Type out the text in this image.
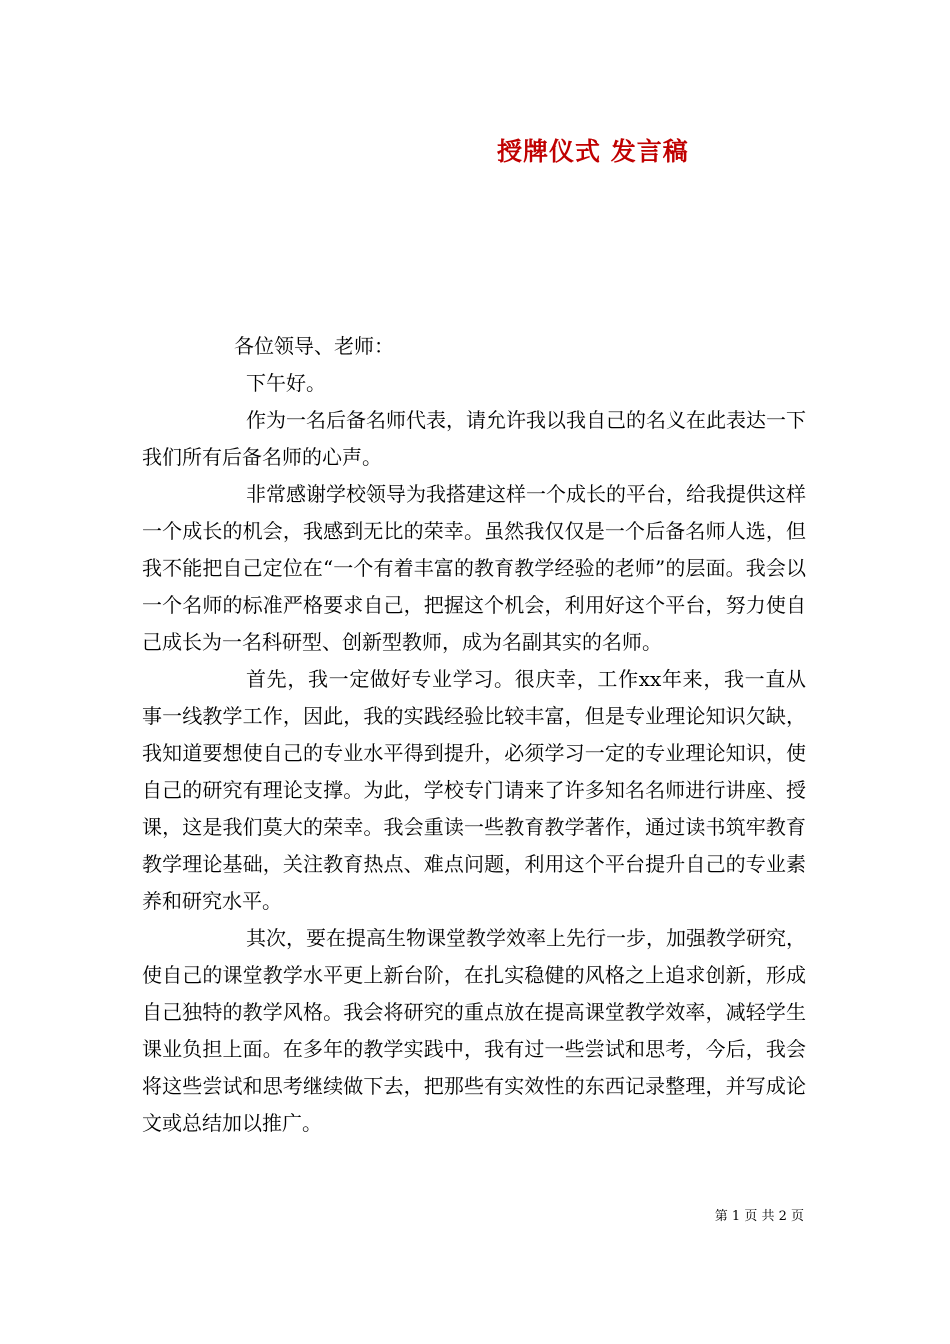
授牌仪式 发言稿

各位领导、老师：

下午好。

作为一名后备名师代表，请允许我以我自己的名义在此表达一下我们所有后备名师的心声。

非常感谢学校领导为我搭建这样一个成长的平台，给我提供这样一个成长的机会，我感到无比的荣幸。虽然我仅仅是一个后备名师人选，但我不能把自己定位在“一个有着丰富的教育教学经验的老师”的层面。我会以一个名师的标准严格要求自己，把握这个机会，利用好这个平台，努力使自己成长为一名科研型、创新型教师，成为名副其实的名师。

首先，我一定做好专业学习。很庆幸，工作xx年来，我一直从事一线教学工作，因此，我的实践经验比较丰富，但是专业理论知识欠缺，我知道要想使自己的专业水平得到提升，必须学习一定的专业理论知识，使自己的研究有理论支撑。为此，学校专门请来了许多知名名师进行讲座、授课，这是我们莫大的荣幸。我会重读一些教育教学著作，通过读书筑牢教育教学理论基础，关注教育热点、难点问题，利用这个平台提升自己的专业素养和研究水平。

其次，要在提高生物课堂教学效率上先行一步，加强教学研究，使自己的课堂教学水平更上新台阶，在扎实稳健的风格之上追求创新，形成自己独特的教学风格。我会将研究的重点放在提高课堂教学效率，减轻学生课业负担上面。在多年的教学实践中，我有过一些尝试和思考，今后，我会将这些尝试和思考继续做下去，把那些有实效性的东西记录整理，并写成论文或总结加以推广。

第 1 页 共 2 页
